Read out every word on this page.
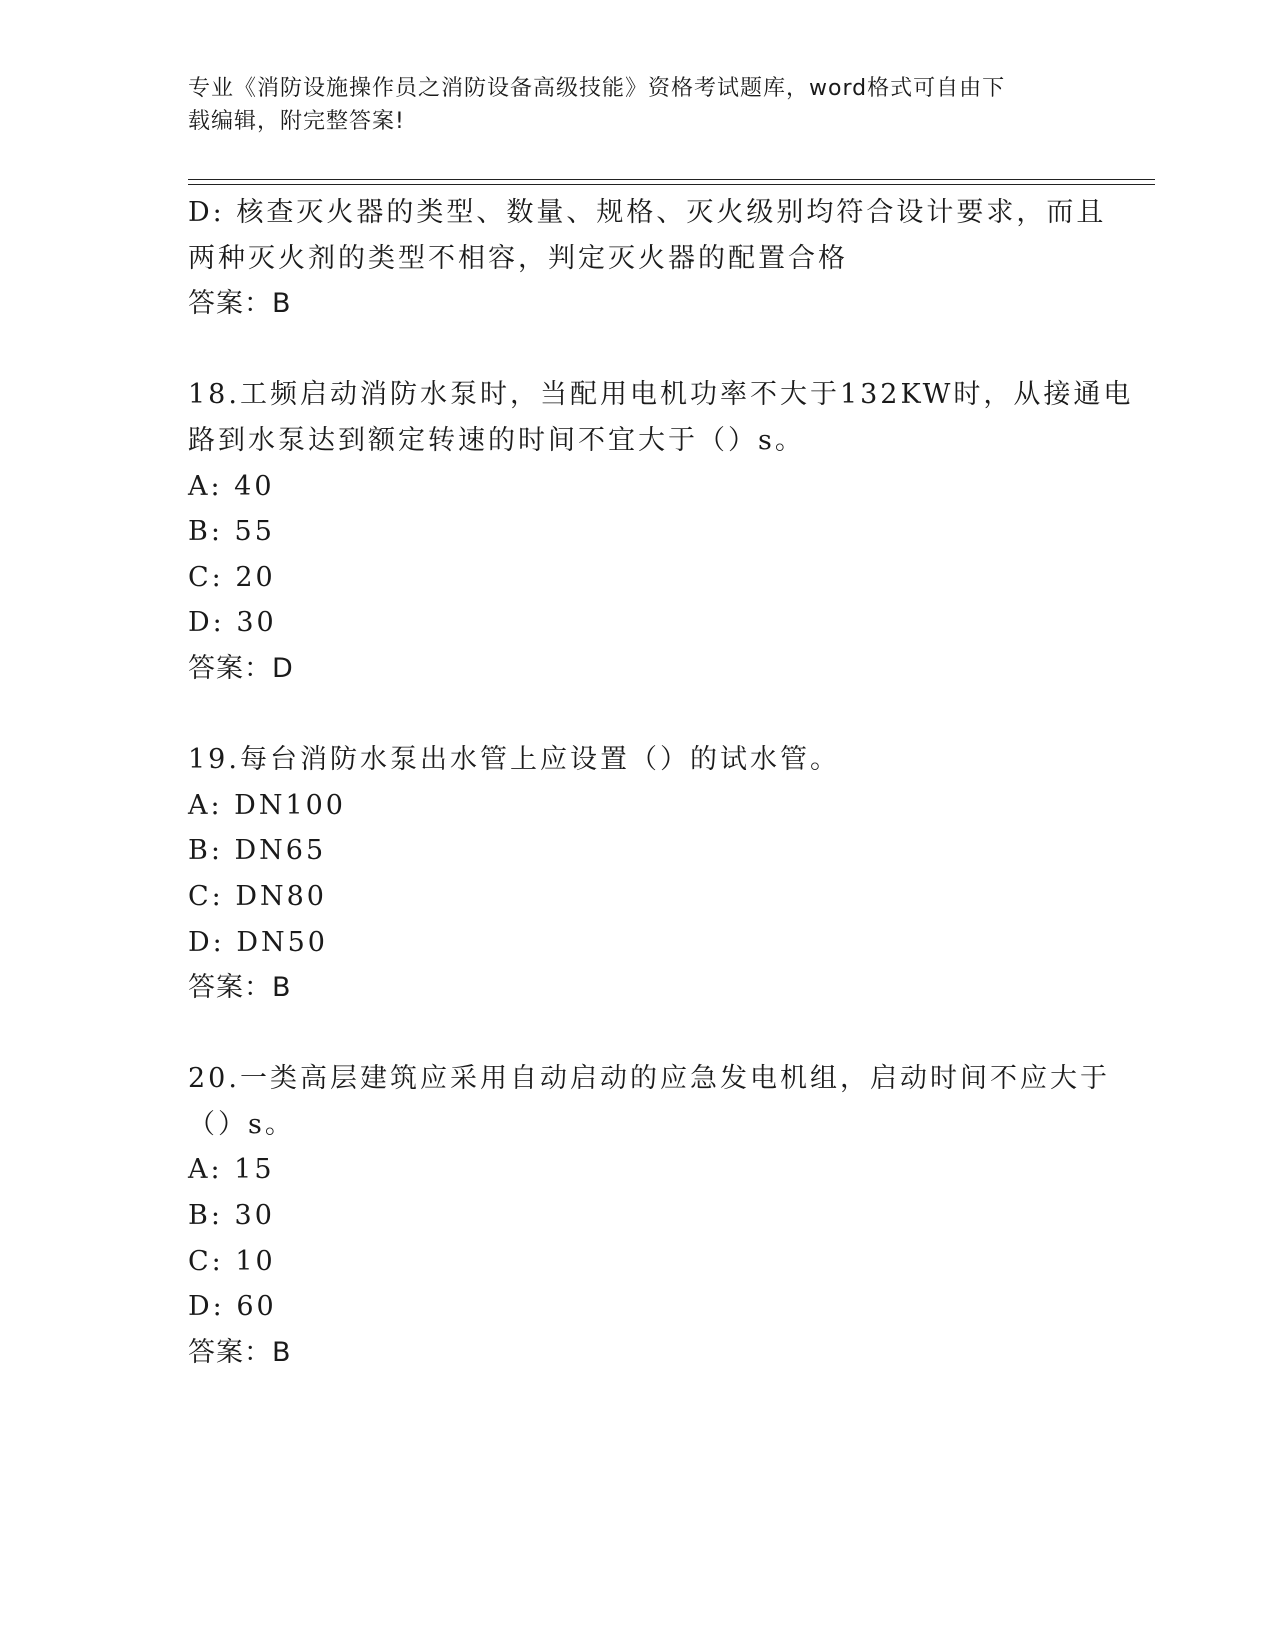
专业《消防设施操作员之消防设备高级技能》资格考试题库，word格式可自由下
载编辑，附完整答案!
D: 核查灭火器的类型、数量、规格、灭火级别均符合设计要求，而且
两种灭火剂的类型不相容，判定灭火器的配置合格
答案：B
18.工频启动消防水泵时，当配用电机功率不大于132KW时，从接通电
路到水泵达到额定转速的时间不宜大于（）s。
A: 40
B: 55
C: 20
D: 30
答案：D
19.每台消防水泵出水管上应设置（）的试水管。
A: DN100
B: DN65
C: DN80
D: DN50
答案：B
20.一类高层建筑应采用自动启动的应急发电机组，启动时间不应大于
（）s。
A: 15
B: 30
C: 10
D: 60
答案：B
